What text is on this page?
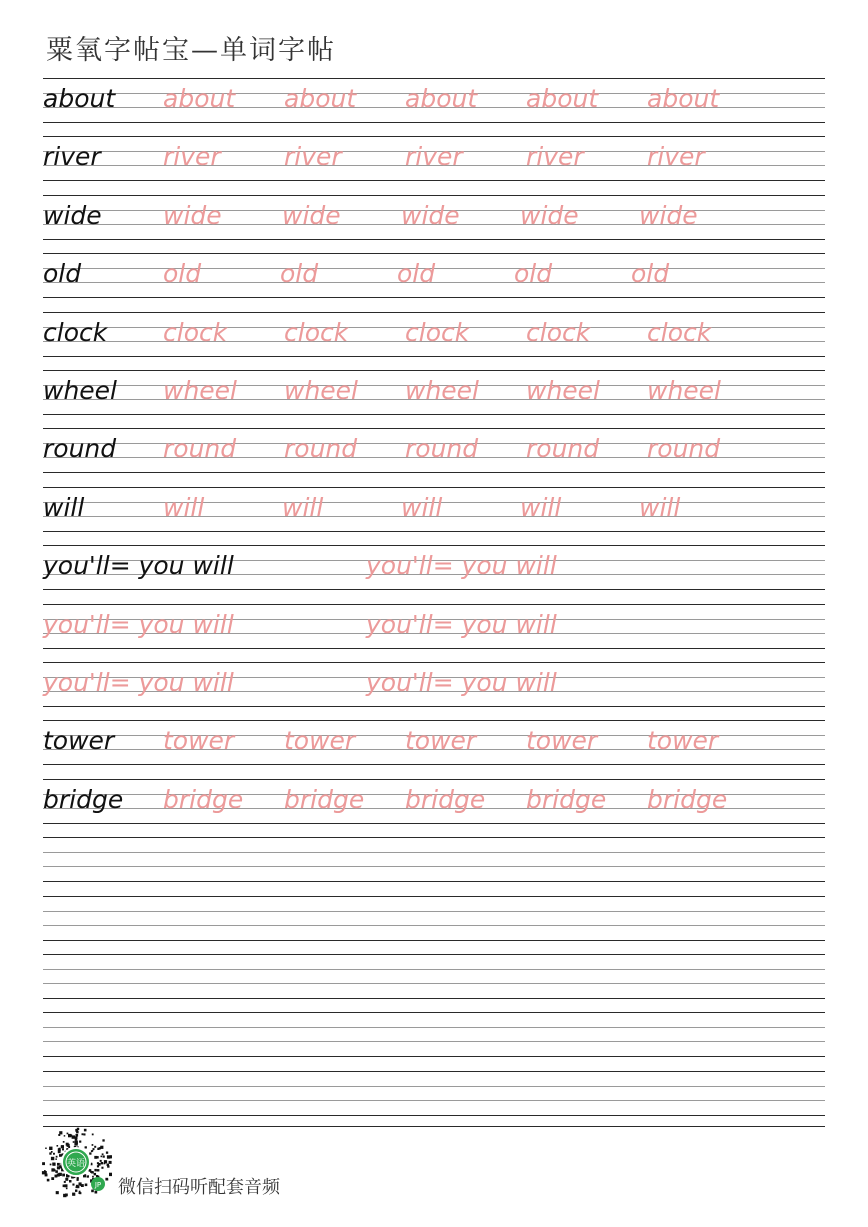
粟氧字帖宝—单词字帖
about about about about about about
river river	river	river	river	river
wide wide wide wide wide wide
old	old	old	old	old	old
clock clock clock clock clock clock
wheel wheel wheel wheel wheel wheel
round round round round round round
will	will	will	will	will	will
you'll= you will	you'll= you will
you'll= you will	you'll= you will
you'll= you will	you'll= you will
tower tower tower tower tower tower
bridge bridge bridge bridge bridge bridge
英语
JP 微信扫码听配套音频
